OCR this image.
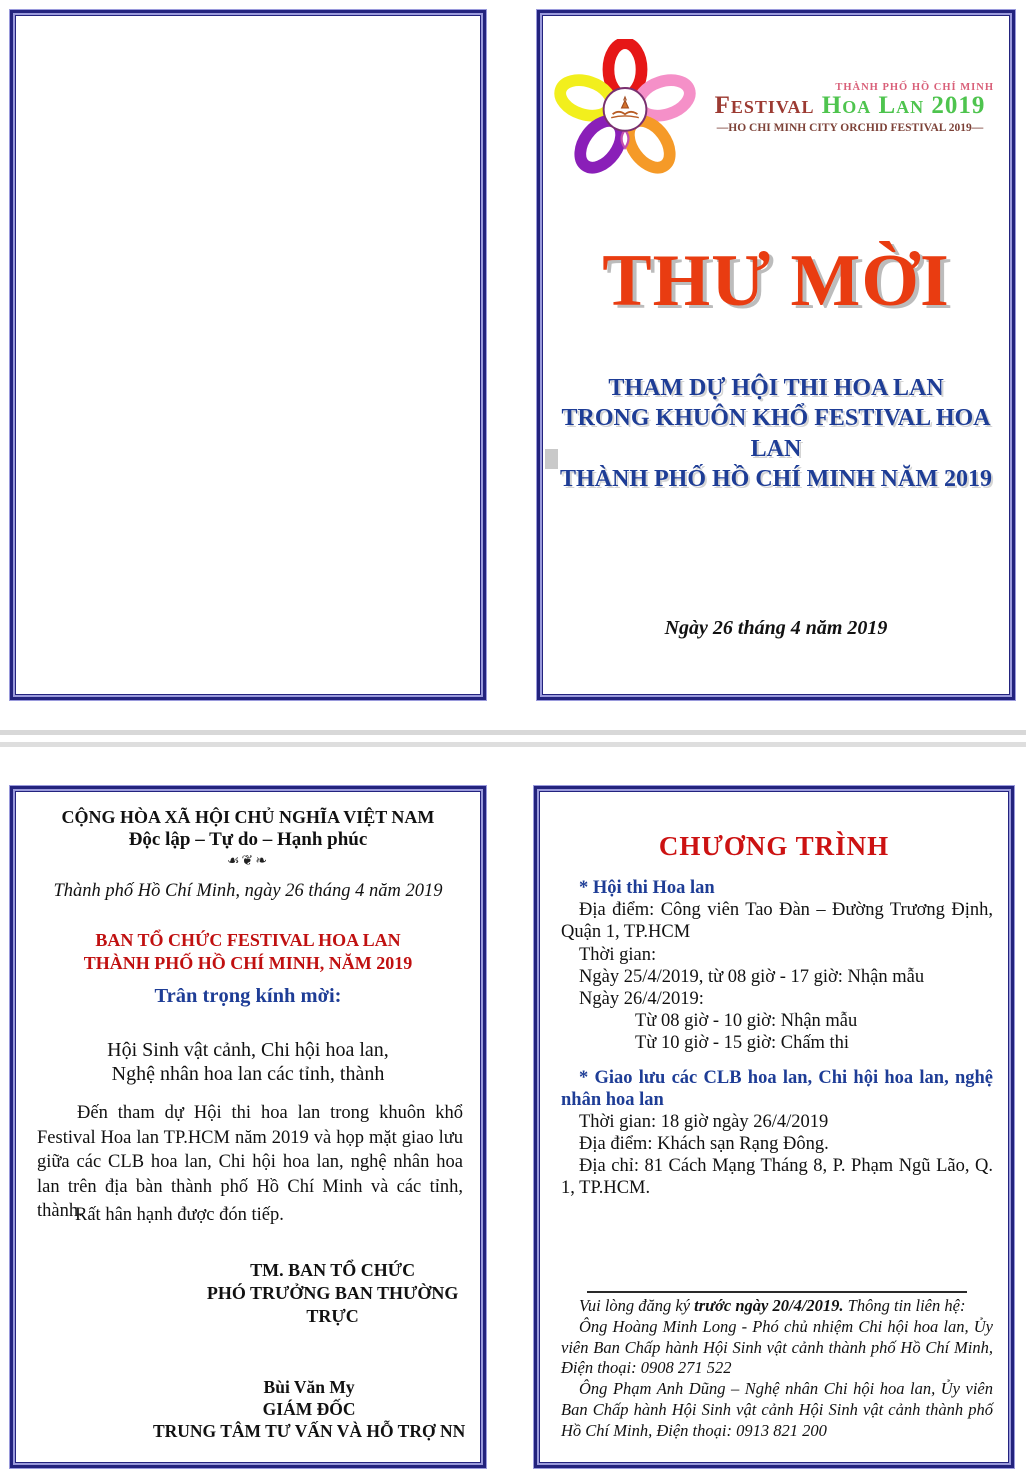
THÀNH PHỐ HỒ CHÍ MINH
Festival Hoa Lan 2019
—HO CHI MINH CITY ORCHID FESTIVAL 2019—
THƯ MỜI
THAM DỰ HỘI THI HOA LAN
TRONG KHUÔN KHỔ FESTIVAL HOA LAN
THÀNH PHỐ HỒ CHÍ MINH NĂM 2019
Ngày 26 tháng 4 năm 2019
CỘNG HÒA XÃ HỘI CHỦ NGHĨA VIỆT NAM
Độc lập – Tự do – Hạnh phúc
☙❦❧
Thành phố Hồ Chí Minh, ngày 26 tháng 4 năm 2019
BAN TỔ CHỨC FESTIVAL HOA LAN
THÀNH PHỐ HỒ CHÍ MINH, NĂM 2019
Trân trọng kính mời:
Hội Sinh vật cảnh, Chi hội hoa lan,
Nghệ nhân hoa lan các tỉnh, thành
Đến tham dự Hội thi hoa lan trong khuôn khổ Festival Hoa lan TP.HCM năm 2019 và họp mặt giao lưu giữa các CLB hoa lan, Chi hội hoa lan, nghệ nhân hoa lan trên địa bàn thành phố Hồ Chí Minh và các tỉnh, thành.
Rất hân hạnh được đón tiếp.
TM. BAN TỔ CHỨC
PHÓ TRƯỞNG BAN THƯỜNG TRỰC
Bùi Văn My
GIÁM ĐỐC
TRUNG TÂM TƯ VẤN VÀ HỖ TRỢ NN
CHƯƠNG TRÌNH
* Hội thi Hoa lan
Địa điểm: Công viên Tao Đàn – Đường Trương Định, Quận 1, TP.HCM
Thời gian:
Ngày 25/4/2019, từ 08 giờ - 17 giờ: Nhận mẫu
Ngày 26/4/2019:
Từ 08 giờ - 10 giờ: Nhận mẫu
Từ 10 giờ - 15 giờ: Chấm thi
* Giao lưu các CLB hoa lan, Chi hội hoa lan, nghệ nhân hoa lan
Thời gian: 18 giờ ngày 26/4/2019
Địa điểm: Khách sạn Rạng Đông.
Địa chỉ: 81 Cách Mạng Tháng 8, P. Phạm Ngũ Lão, Q. 1, TP.HCM.
Vui lòng đăng ký trước ngày 20/4/2019. Thông tin liên hệ:
Ông Hoàng Minh Long - Phó chủ nhiệm Chi hội hoa lan, Ủy viên Ban Chấp hành Hội Sinh vật cảnh thành phố Hồ Chí Minh, Điện thoại: 0908 271 522
Ông Phạm Anh Dũng – Nghệ nhân Chi hội hoa lan, Ủy viên Ban Chấp hành Hội Sinh vật cảnh Hội Sinh vật cảnh thành phố Hồ Chí Minh, Điện thoại: 0913 821 200
